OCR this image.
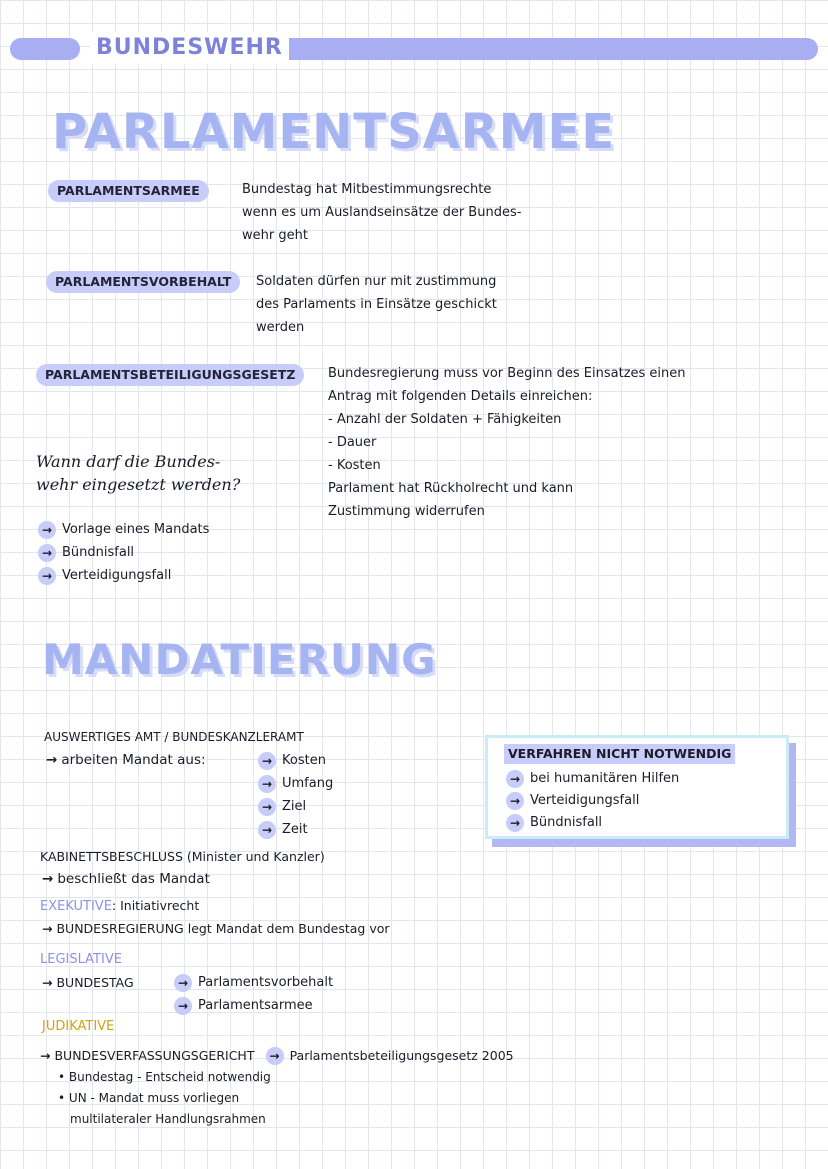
BUNDESWEHR
PARLAMENTSARMEE
PARLAMENTSARMEE	Bundestag hat Mitbestimmungsrechte
wenn es um Auslandseinsätze der Bundes-
wehr geht
PARLAMENTSVORBEHALT	Soldaten dürfen nur mit zustimmung
des Parlaments in Einsätze geschickt
werden
PARLAMENTSBETEILIGUNGSGESETZ	Bundesregierung muss vor Beginn des Einsatzes einen
Antrag mit folgenden Details einreichen:
- Anzahl der Soldaten + Fähigkeiten
- Dauer
- Kosten
Parlament hat Rückholrecht und kann
Zustimmung widerrufen
Wann darf die Bundes-
wehr eingesetzt werden?
→ Vorlage eines Mandats
→ Bündnisfall
→ Verteidigungsfall
MANDATIERUNG
AUSWERTIGES AMT / BUNDESKANZLERAMT
→ arbeiten Mandat aus:	→ Kosten
→ Umfang
→ Ziel
→ Zeit
VERFAHREN NICHT NOTWENDIG
→ bei humanitären Hilfen
→ Verteidigungsfall
→ Bündnisfall
KABINETTSBESCHLUSS (Minister und Kanzler)
→ beschließt das Mandat
EXEKUTIVE: Initiativrecht
→ BUNDESREGIERUNG legt Mandat dem Bundestag vor
LEGISLATIVE
→ BUNDESTAG	→ Parlamentsvorbehalt
→ Parlamentsarmee
JUDIKATIVE
→ BUNDESVERFASSUNGSGERICHT → Parlamentsbeteiligungsgesetz 2005
• Bundestag - Entscheid notwendig
• UN - Mandat muss vorliegen
multilateraler Handlungsrahmen
